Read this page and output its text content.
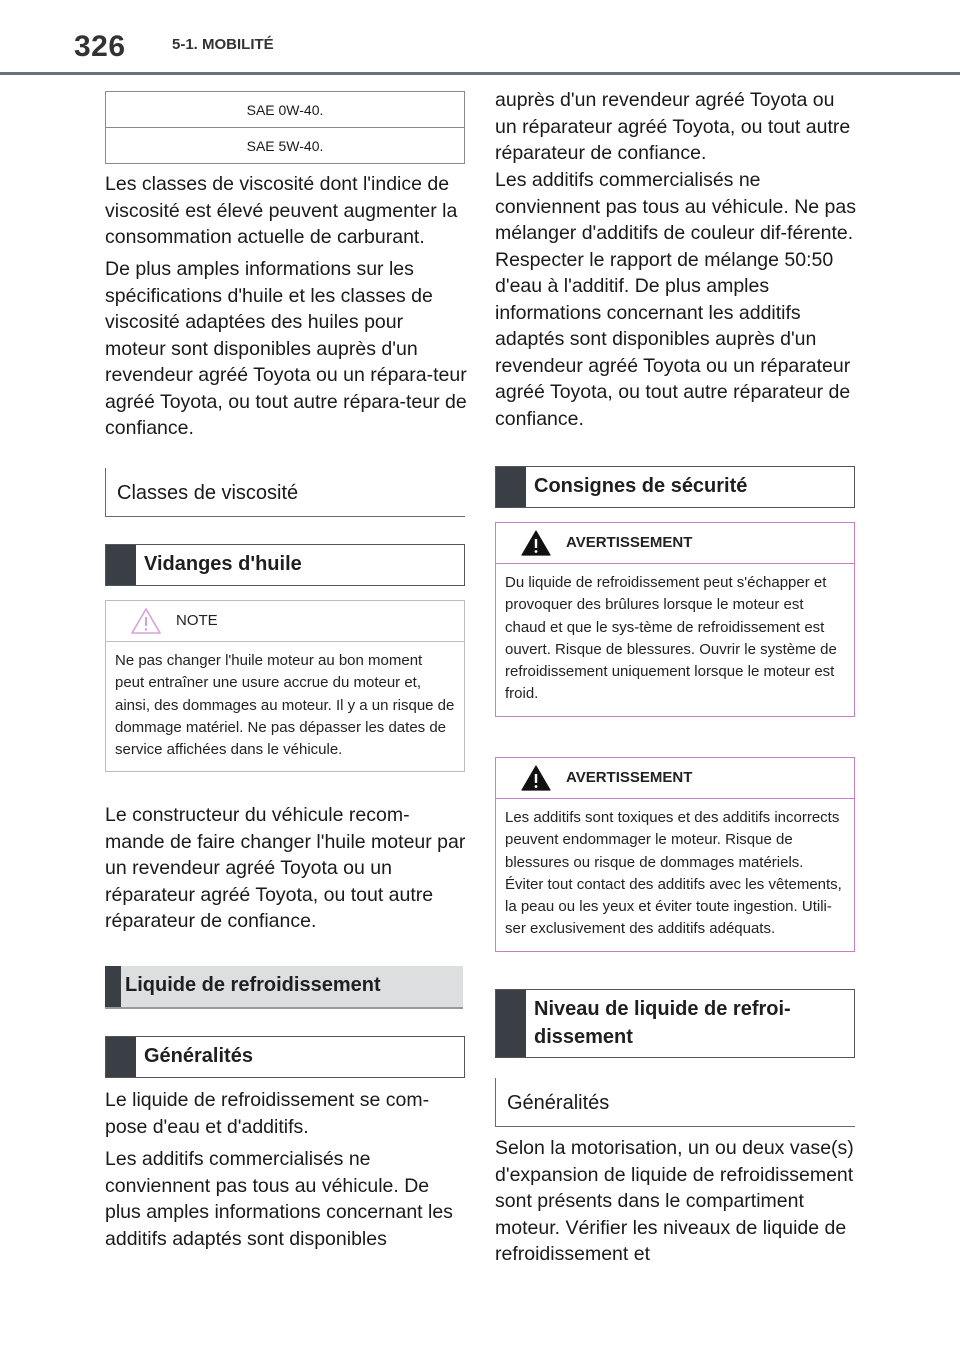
326	5-1. MOBILITÉ
SAE 0W-40.
SAE 5W-40.

Les classes de viscosité dont l'indice de viscosité est élevé peuvent augmenter la consommation actuelle de carburant.

De plus amples informations sur les spécifications d'huile et les classes de viscosité adaptées des huiles pour moteur sont disponibles auprès d'un revendeur agréé Toyota ou un répara-teur agréé Toyota, ou tout autre répara-teur de confiance.

Classes de viscosité
Vidanges d'huile
NOTE
Ne pas changer l'huile moteur au bon moment peut entraîner une usure accrue du moteur et, ainsi, des dommages au moteur. Il y a un risque de dommage matériel. Ne pas dépasser les dates de service affichées dans le véhicule.

Le constructeur du véhicule recom-mande de faire changer l'huile moteur par un revendeur agréé Toyota ou un réparateur agréé Toyota, ou tout autre réparateur de confiance.

Liquide de refroidissement
Généralités

Le liquide de refroidissement se com-pose d'eau et d'additifs.

Les additifs commercialisés ne conviennent pas tous au véhicule. De plus amples informations concernant les additifs adaptés sont disponibles

auprès d'un revendeur agréé Toyota ou un réparateur agréé Toyota, ou tout autre réparateur de confiance.

Les additifs commercialisés ne conviennent pas tous au véhicule. Ne pas mélanger d'additifs de couleur dif-férente. Respecter le rapport de mélange 50:50 d'eau à l'additif. De plus amples informations concernant les additifs adaptés sont disponibles auprès d'un revendeur agréé Toyota ou un réparateur agréé Toyota, ou tout autre réparateur de confiance.

Consignes de sécurité
AVERTISSEMENT
Du liquide de refroidissement peut s'échapper et provoquer des brûlures lorsque le moteur est chaud et que le sys-tème de refroidissement est ouvert. Risque de blessures. Ouvrir le système de refroidissement uniquement lorsque le moteur est froid.
AVERTISSEMENT
Les additifs sont toxiques et des additifs incorrects peuvent endommager le moteur. Risque de blessures ou risque de dommages matériels. Éviter tout contact des additifs avec les vêtements, la peau ou les yeux et éviter toute ingestion. Utili-ser exclusivement des additifs adéquats.
Niveau de liquide de refroi-dissement
Généralités

Selon la motorisation, un ou deux vase(s) d'expansion de liquide de refroidissement sont présents dans le compartiment moteur. Vérifier les niveaux de liquide de refroidissement et
